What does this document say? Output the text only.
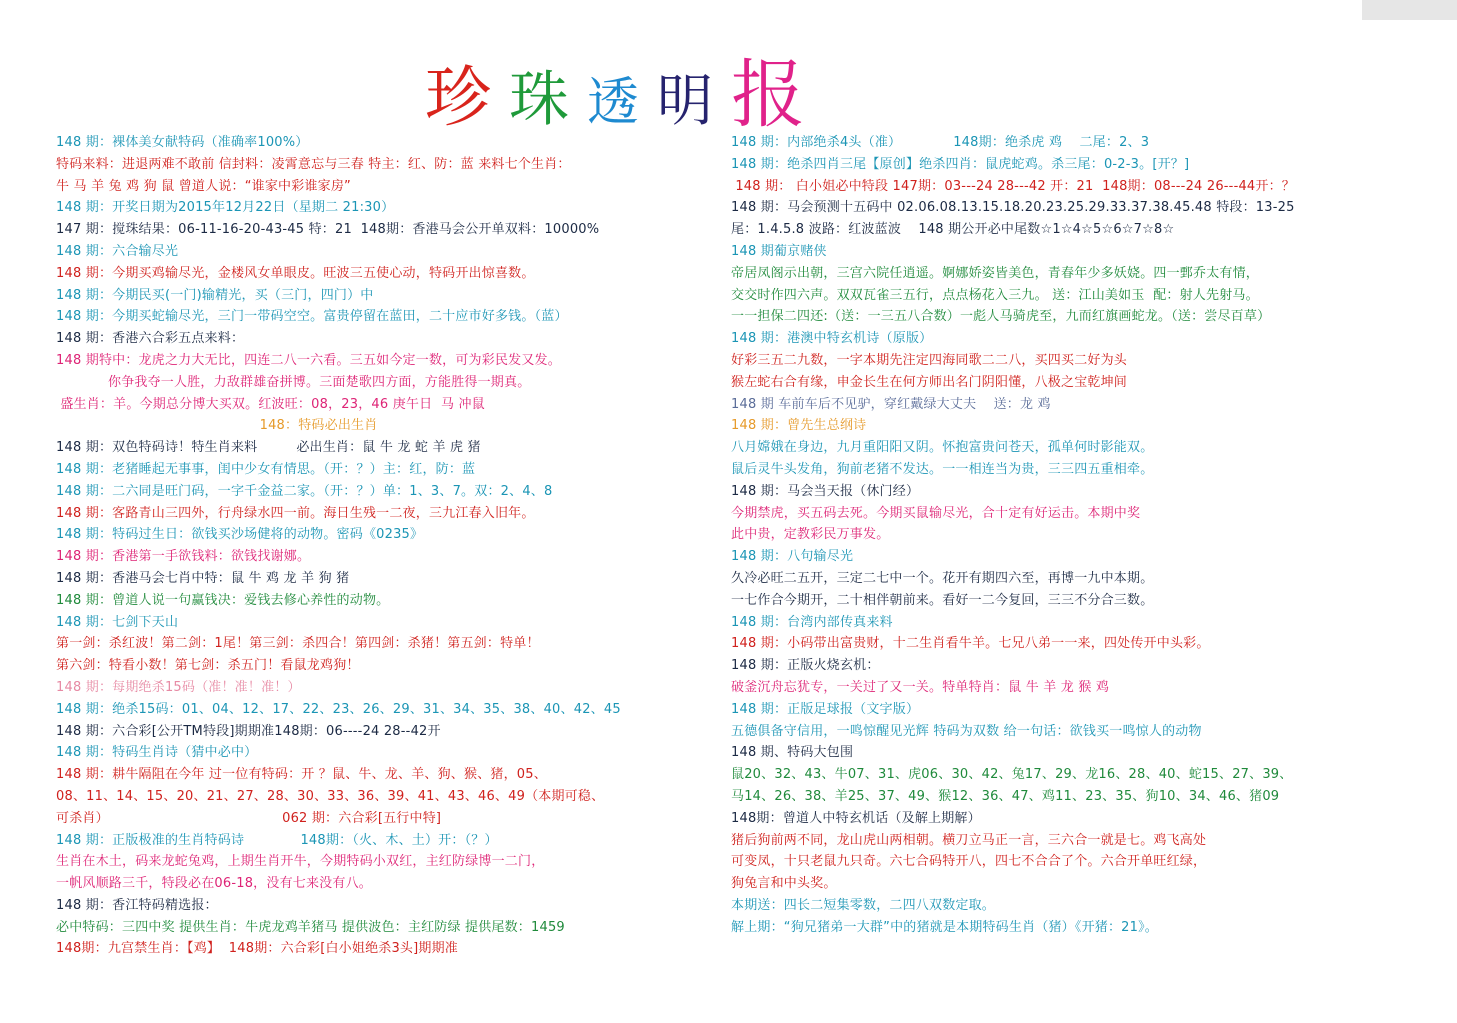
珍 珠 透 明 报
148 期：裸体美女献特码（准确率100%）
特码来料：进退两难不敢前 信封料：凌霄意忘与三春 特主：红、防：蓝 来料七个生肖：
牛 马 羊 兔 鸡 狗 鼠 曾道人说：“谁家中彩谁家房”
148 期：开奖日期为2015年12月22日（星期二 21:30）
147 期：搅珠结果：06-11-16-20-43-45 特：21  148期：香港马会公开单双料：10000%
148 期：六合输尽光
148 期：今期买鸡输尽光，金楼风女单眼皮。旺波三五使心动，特码开出惊喜数。
148 期：今期民买(一门)输精光，买（三门，四门）中
148 期：今期买蛇输尽光，三门一带码空空。富贵停留在蓝田，二十应市好多钱。（蓝）
148 期：香港六合彩五点来料：
148 期特中：龙虎之力大无比，四连二八一六看。三五如今定一数，可为彩民发又发。
你争我夺一人胜，力敌群雄奋拼博。三面楚歌四方面，方能胜得一期真。
盛生肖：羊。今期总分博大买双。红波旺：08，23，46 庚午日  马 冲鼠
148：特码必出生肖
148 期：双色特码诗！特生肖来料         必出生肖：鼠 牛 龙 蛇 羊 虎 猪
148 期：老猪睡起无事事，闺中少女有情思。（开：？）主：红，防：蓝
148 期：二六同是旺门码，一字千金益二家。（开：？）单：1、3、7。双：2、4、8
148 期：客路青山三四外，行舟绿水四一前。海日生残一二夜，三九江春入旧年。
148 期：特码过生日：欲钱买沙场健将的动物。密码《0235》
148 期：香港第一手欲钱料：欲钱找谢娜。
148 期：香港马会七肖中特：鼠 牛 鸡 龙 羊 狗 猪
148 期：曾道人说一句赢钱决：爱钱去修心养性的动物。
148 期：七剑下天山
第一剑：杀红波！第二剑：1尾！第三剑：杀四合！第四剑：杀猪！第五剑：特单！
第六剑：特看小数！第七剑：杀五门！看鼠龙鸡狗！
148 期：每期绝杀15码（准！准！准！）
148 期：绝杀15码：01、04、12、17、22、23、26、29、31、34、35、38、40、42、45
148 期：六合彩[公开TM特段]期期准148期：06----24 28--42开
148 期：特码生肖诗（猜中必中）
148 期：耕牛隔阻在今年 过一位有特码：开 ？鼠、牛、龙、羊、狗、猴、猪，05、
08、11、14、15、20、21、27、28、30、33、36、39、41、43、46、49（本期可稳、
可杀肖）                                        062 期：六合彩[五行中特]
148 期：正版极准的生肖特码诗             148期：（火、木、土）开：（？）
生肖在木土，码来龙蛇兔鸡，上期生肖开牛，今期特码小双红，主红防绿博一二门，
一帆风顺路三千，特段必在06-18，没有七来没有八。
148 期：香江特码精选报：
必中特码：三四中奖 提供生肖：牛虎龙鸡羊猪马 提供波色：主红防绿 提供尾数：1459
148期：九宫禁生肖：【鸡】  148期：六合彩[白小姐绝杀3头]期期准
148 期：内部绝杀4头（准）            148期：绝杀虎 鸡    二尾：2、3
148 期：绝杀四肖三尾【原创】绝杀四肖：鼠虎蛇鸡。杀三尾：0-2-3。[开？]
148 期： 白小姐必中特段 147期：03---24 28---42 开：21  148期：08---24 26---44开：？
148 期：马会预测十五码中 02.06.08.13.15.18.20.23.25.29.33.37.38.45.48 特段：13-25
尾：1.4.5.8 波路：红波蓝波    148 期公开必中尾数☆1☆4☆5☆6☆7☆8☆
148 期葡京赌侠
帝居凤阁示出朝，三宫六院任逍遥。婀娜娇姿皆美色，青春年少多妖娆。四一鄄乔太有情，
交交时作四六声。双双瓦雀三五行，点点杨花入三九。 送：江山美如玉  配：射人先射马。
一一担保二四还:（送：一三五八合数）一彪人马骑虎至，九而红旗画蛇龙。（送：尝尽百草）
148 期：港澳中特玄机诗（原版）
好彩三五二九数，一字本期先注定四海同歌二二八，买四买二好为头
猴左蛇右合有缘，申金长生在何方师出名门阴阳懂，八极之宝乾坤间
148 期 车前车后不见驴，穿红戴绿大丈夫    送：龙 鸡
148 期：曾先生总纲诗
八月嫦娥在身边，九月重阳阳又阴。怀抱富贵问苍天，孤单何时影能双。
鼠后灵牛头发角，狗前老猪不发达。一一相连当为贵，三三四五重相牵。
148 期：马会当天报（休门经）
今期禁虎，买五码去死。今期买鼠输尽光，合十定有好运击。本期中奖
此中贵，定教彩民万事发。
148 期：八句输尽光
久冷必旺二五开，三定二七中一个。花开有期四六至，再博一九中本期。
一七作合今期开，二十相伴朝前来。看好一二今复回，三三不分合三数。
148 期：台湾内部传真来料
148 期：小码带出富贵财，十二生肖看牛羊。七兄八弟一一来，四处传开中头彩。
148 期：正版火烧玄机：
破釜沉舟忘犹专，一关过了又一关。特单特肖：鼠 牛 羊 龙 猴 鸡
148 期：正版足球报（文字版）
五德俱备守信用，一鸣惊醒见光辉 特码为双数 给一句话：欲钱买一鸣惊人的动物
148 期、特码大包围
鼠20、32、43、牛07、31、虎06、30、42、兔17、29、龙16、28、40、蛇15、27、39、
马14、26、38、羊25、37、49、猴12、36、47、鸡11、23、35、狗10、34、46、猪09
148期：曾道人中特玄机话（及解上期解）
猪后狗前两不同，龙山虎山两相朝。横刀立马正一言，三六合一就是七。鸡飞高处
可变凤，十只老鼠九只奇。六七合码特开八，四七不合合了个。六合开单旺红绿，
狗兔言和中头奖。
本期送：四长二短集零数，二四八双数定取。
解上期：“狗兄猪弟一大群”中的猪就是本期特码生肖（猪）《开猪：21》。
